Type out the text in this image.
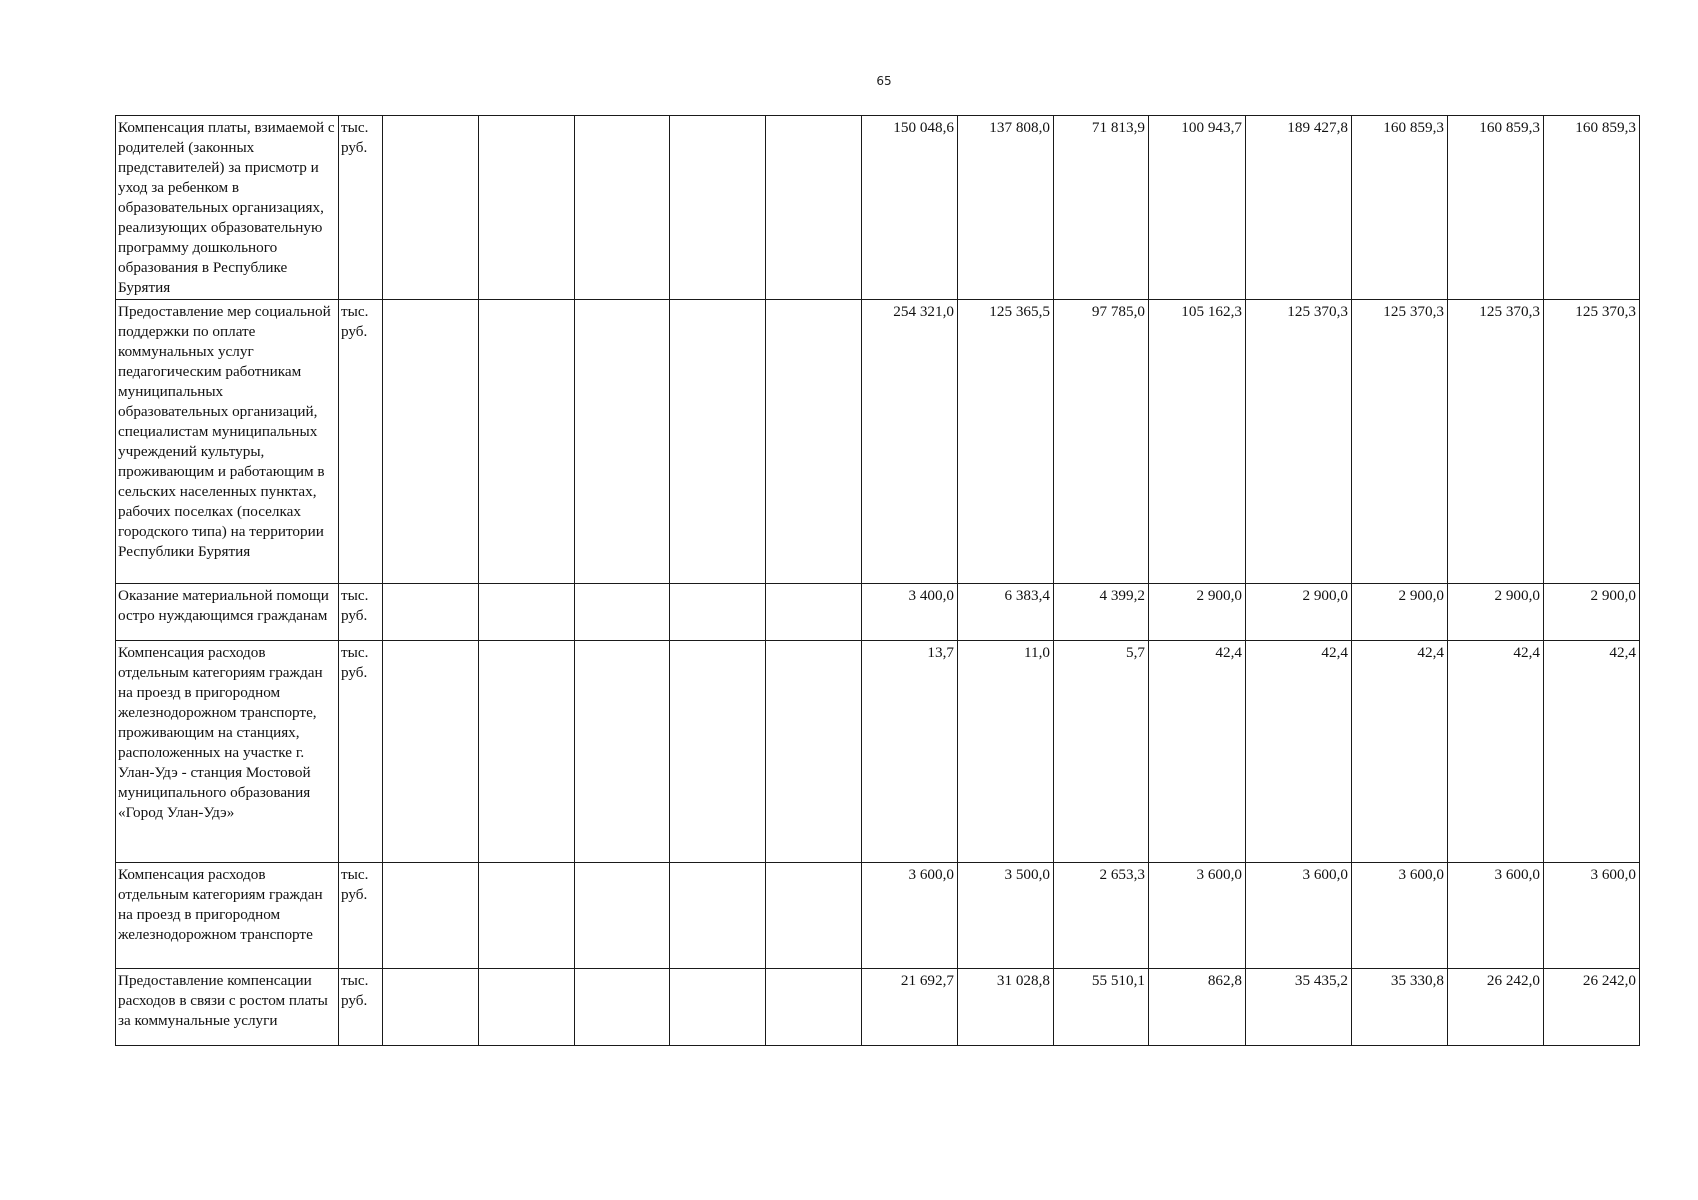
65
Компенсация платы, взимаемой с родителей (законных представителей) за присмотр и уход за ребенком в образовательных организациях, реализующих образовательную программу дошкольного образования в Республике Бурятия	тыс. руб.						150 048,6	137 808,0	71 813,9	100 943,7	189 427,8	160 859,3	160 859,3	160 859,3
Предоставление мер социальной поддержки по оплате коммунальных услуг педагогическим работникам муниципальных образовательных организаций, специалистам муниципальных учреждений культуры, проживающим и работающим в сельских населенных пунктах, рабочих поселках (поселках городского типа) на территории Республики Бурятия	тыс. руб.						254 321,0	125 365,5	97 785,0	105 162,3	125 370,3	125 370,3	125 370,3	125 370,3
Оказание материальной помощи остро нуждающимся гражданам	тыс. руб.						3 400,0	6 383,4	4 399,2	2 900,0	2 900,0	2 900,0	2 900,0	2 900,0
Компенсация расходов отдельным категориям граждан на проезд в пригородном железнодорожном транспорте, проживающим на станциях, расположенных на участке г. Улан-Удэ - станция Мостовой муниципального образования «Город Улан-Удэ»	тыс. руб.						13,7	11,0	5,7	42,4	42,4	42,4	42,4	42,4
Компенсация расходов отдельным категориям граждан на проезд в пригородном железнодорожном транспорте	тыс. руб.						3 600,0	3 500,0	2 653,3	3 600,0	3 600,0	3 600,0	3 600,0	3 600,0
Предоставление компенсации расходов в связи с ростом платы за коммунальные услуги	тыс. руб.						21 692,7	31 028,8	55 510,1	862,8	35 435,2	35 330,8	26 242,0	26 242,0
